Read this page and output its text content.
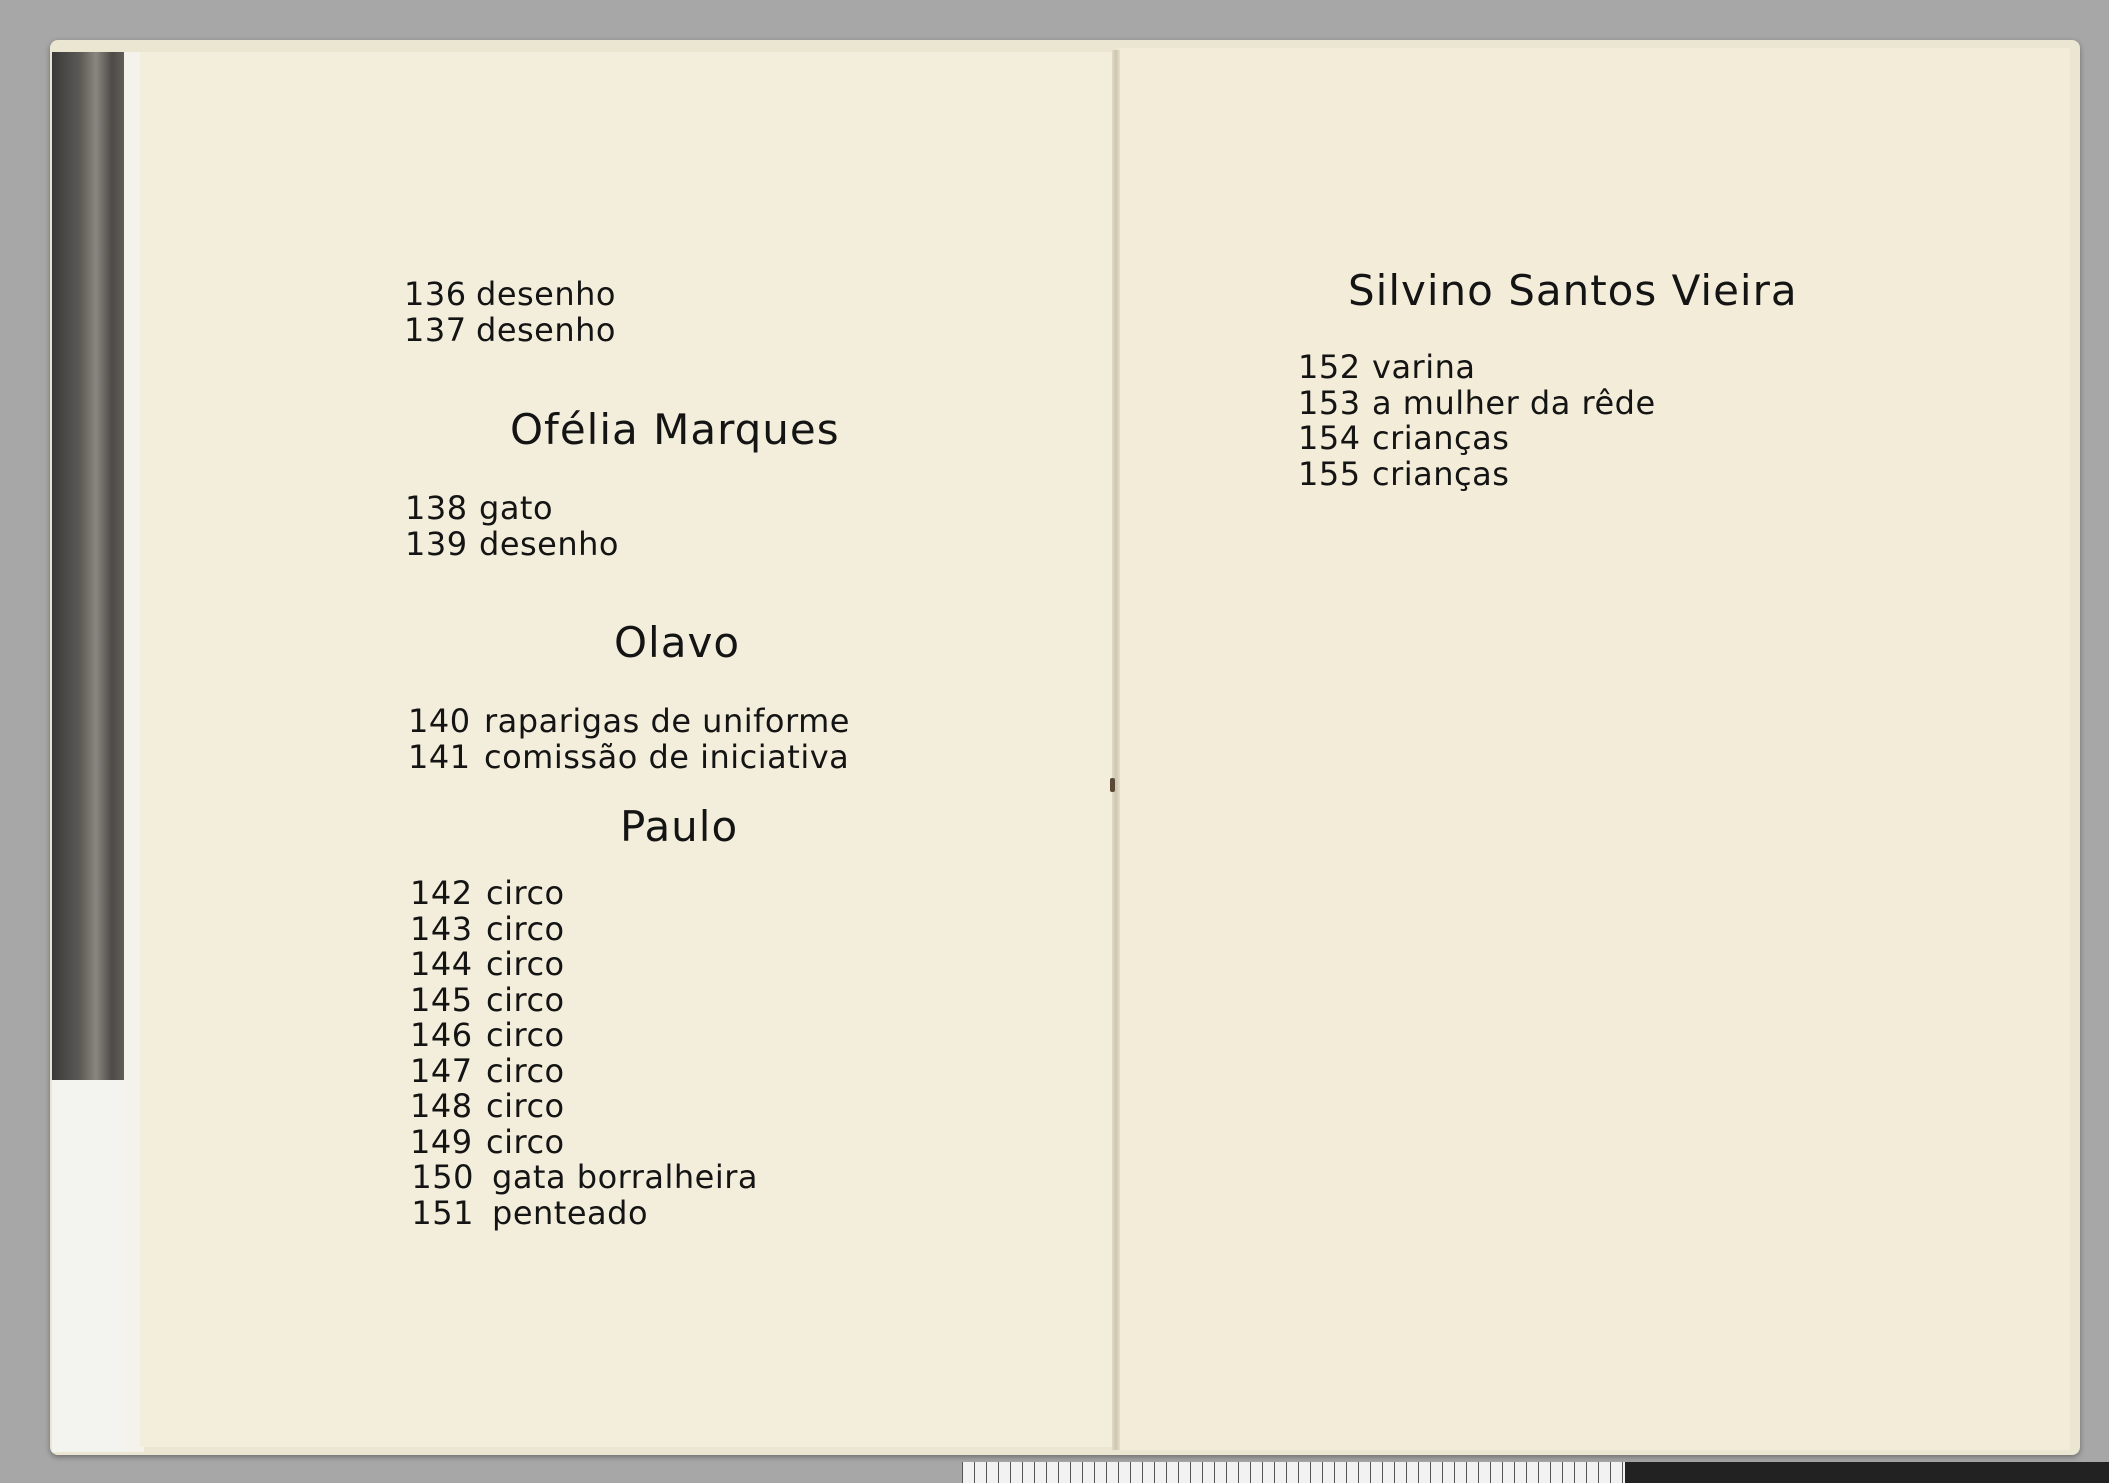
136 desenho
137 desenho
Ofélia Marques
138 gato
139 desenho
Olavo
140 raparigas de uniforme
141 comissão de iniciativa
Paulo
142 circo
143 circo
144 circo
145 circo
146 circo
147 circo
148 circo
149 circo
150 gata borralheira
151 penteado
Silvino Santos Vieira
152 varina
153 a mulher da rêde
154 crianças
155 crianças
